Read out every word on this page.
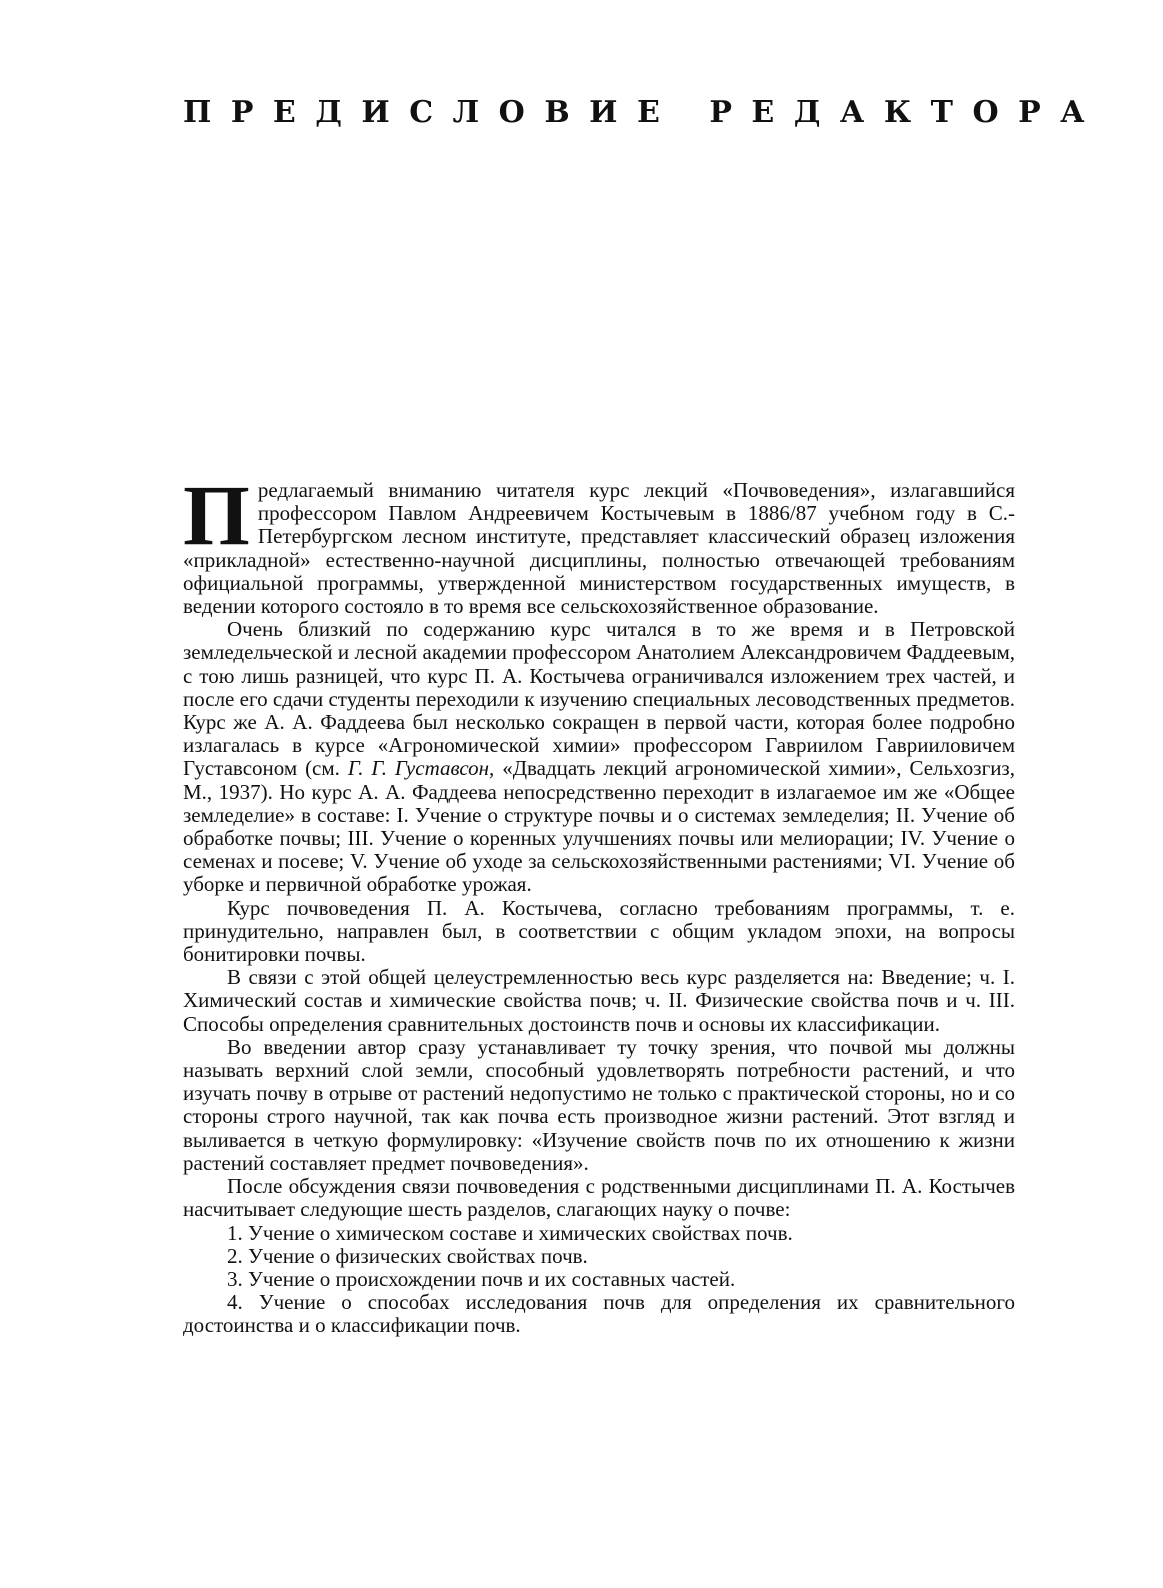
ПРЕДИСЛОВИЕ РЕДАКТОРА

Предлагаемый вниманию читателя курс лекций «Почвоведения», излагавшийся профессором Павлом Андреевичем Костычевым в 1886/87 учебном году в С.-Петербургском лесном институте, представляет классический образец изложения «прикладной» естественно-научной дисциплины, полностью отвечающей требованиям официальной программы, утвержденной министерством государственных имуществ, в ведении которого состояло в то время все сельскохозяйственное образование.

Очень близкий по содержанию курс читался в то же время и в Петровской земледельческой и лесной академии профессором Анатолием Александровичем Фаддеевым, с тою лишь разницей, что курс П. А. Костычева ограничивался изложением трех частей, и после его сдачи студенты переходили к изучению специальных лесоводственных предметов. Курс же А. А. Фаддеева был несколько сокращен в первой части, которая более подробно излагалась в курсе «Агрономической химии» профессором Гавриилом Гаврииловичем Густавсоном (см. Г. Г. Густавсон, «Двадцать лекций агрономической химии», Сельхозгиз, М., 1937). Но курс А. А. Фаддеева непосредственно переходит в излагаемое им же «Общее земледелие» в составе: I. Учение о структуре почвы и о системах земледелия; II. Учение об обработке почвы; III. Учение о коренных улучшениях почвы или мелиорации; IV. Учение о семенах и посеве; V. Учение об уходе за сельскохозяйственными растениями; VI. Учение об уборке и первичной обработке урожая.

Курс почвоведения П. А. Костычева, согласно требованиям программы, т. е. принудительно, направлен был, в соответствии с общим укладом эпохи, на вопросы бонитировки почвы.

В связи с этой общей целеустремленностью весь курс разделяется на: Введение; ч. I. Химический состав и химические свойства почв; ч. II. Физические свойства почв и ч. III. Способы определения сравнительных достоинств почв и основы их классификации.

Во введении автор сразу устанавливает ту точку зрения, что почвой мы должны называть верхний слой земли, способный удовлетворять потребности растений, и что изучать почву в отрыве от растений недопустимо не только с практической стороны, но и со стороны строго научной, так как почва есть производное жизни растений. Этот взгляд и выливается в четкую формулировку: «Изучение свойств почв по их отношению к жизни растений составляет предмет почвоведения».

После обсуждения связи почвоведения с родственными дисциплинами П. А. Костычев насчитывает следующие шесть разделов, слагающих науку о почве:

1. Учение о химическом составе и химических свойствах почв.

2. Учение о физических свойствах почв.

3. Учение о происхождении почв и их составных частей.

4. Учение о способах исследования почв для определения их сравнительного достоинства и о классификации почв.
